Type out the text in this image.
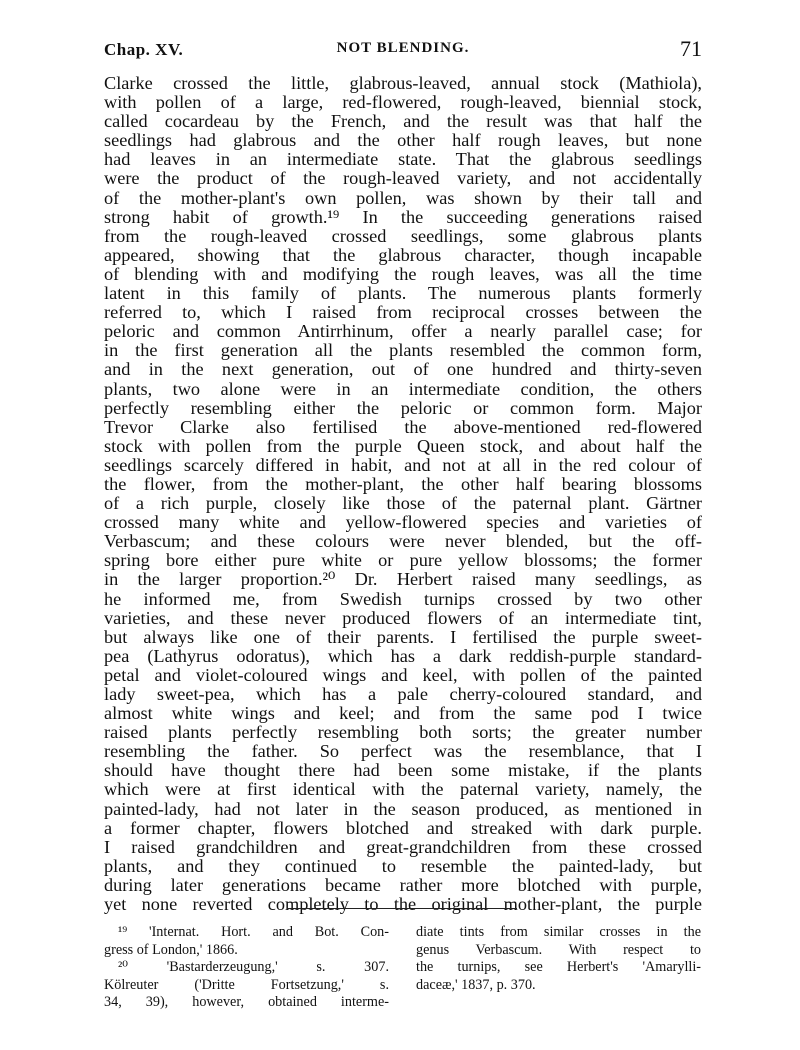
Chap. XV.	NOT BLENDING.	71
Clarke crossed the little, glabrous-leaved, annual stock (Mathiola),
with pollen of a large, red-flowered, rough-leaved, biennial stock,
called cocardeau by the French, and the result was that half the
seedlings had glabrous and the other half rough leaves, but none
had leaves in an intermediate state. That the glabrous seedlings
were the product of the rough-leaved variety, and not accidentally
of the mother-plant's own pollen, was shown by their tall and
strong habit of growth.¹⁹ In the succeeding generations raised
from the rough-leaved crossed seedlings, some glabrous plants
appeared, showing that the glabrous character, though incapable
of blending with and modifying the rough leaves, was all the time
latent in this family of plants. The numerous plants formerly
referred to, which I raised from reciprocal crosses between the
peloric and common Antirrhinum, offer a nearly parallel case; for
in the first generation all the plants resembled the common form,
and in the next generation, out of one hundred and thirty-seven
plants, two alone were in an intermediate condition, the others
perfectly resembling either the peloric or common form. Major
Trevor Clarke also fertilised the above-mentioned red-flowered
stock with pollen from the purple Queen stock, and about half the
seedlings scarcely differed in habit, and not at all in the red colour of
the flower, from the mother-plant, the other half bearing blossoms
of a rich purple, closely like those of the paternal plant. Gärtner
crossed many white and yellow-flowered species and varieties of
Verbascum; and these colours were never blended, but the off-
spring bore either pure white or pure yellow blossoms; the former
in the larger proportion.²⁰ Dr. Herbert raised many seedlings, as
he informed me, from Swedish turnips crossed by two other
varieties, and these never produced flowers of an intermediate tint,
but always like one of their parents. I fertilised the purple sweet-
pea (Lathyrus odoratus), which has a dark reddish-purple standard-
petal and violet-coloured wings and keel, with pollen of the painted
lady sweet-pea, which has a pale cherry-coloured standard, and
almost white wings and keel; and from the same pod I twice
raised plants perfectly resembling both sorts; the greater number
resembling the father. So perfect was the resemblance, that I
should have thought there had been some mistake, if the plants
which were at first identical with the paternal variety, namely, the
painted-lady, had not later in the season produced, as mentioned in
a former chapter, flowers blotched and streaked with dark purple.
I raised grandchildren and great-grandchildren from these crossed
plants, and they continued to resemble the painted-lady, but
during later generations became rather more blotched with purple,
yet none reverted completely to the original mother-plant, the purple
¹⁹ 'Internat. Hort. and Bot. Con-
gress of London,' 1866.
²⁰ 'Bastarderzeugung,' s. 307.
Kölreuter ('Dritte Fortsetzung,' s.
34, 39), however, obtained interme-
diate tints from similar crosses in the
genus Verbascum. With respect to
the turnips, see Herbert's 'Amarylli-
daceæ,' 1837, p. 370.
